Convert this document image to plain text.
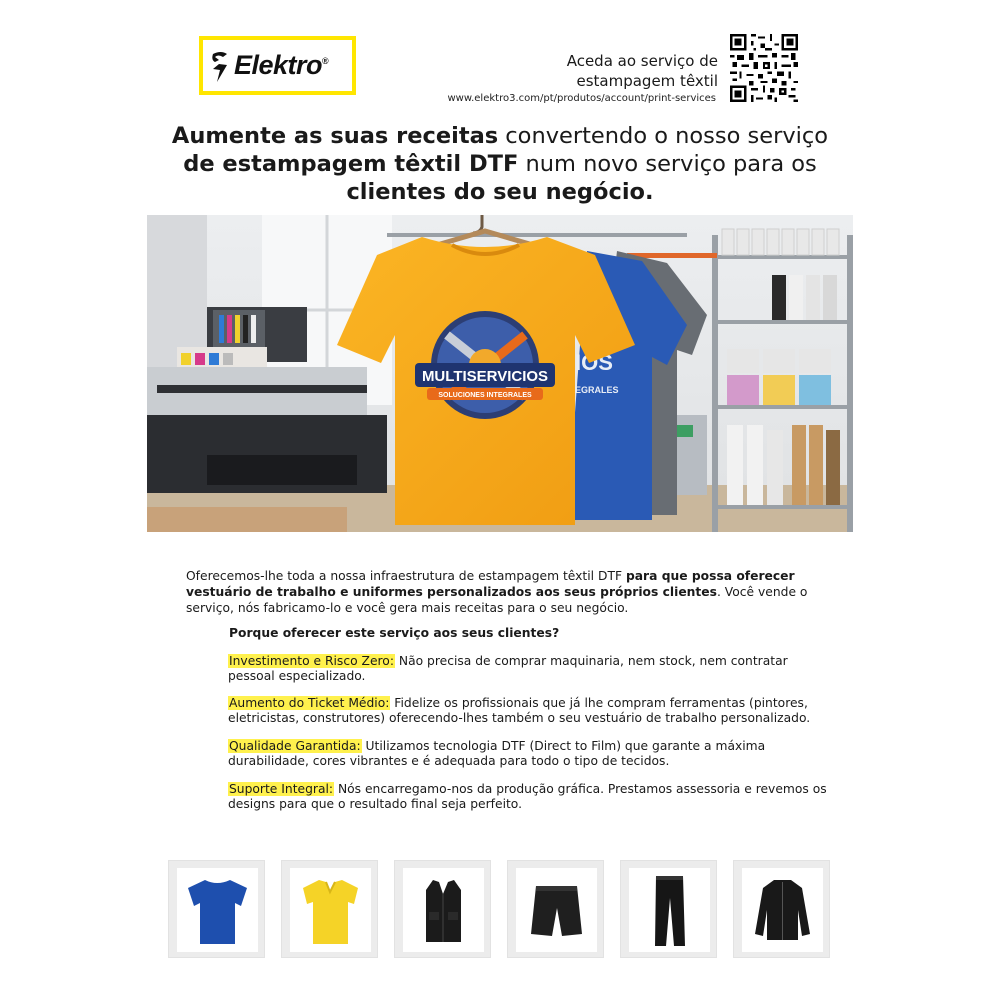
Elektro®	Aceda ao serviço de
estampagem têxtil
www.elektro3.com/pt/produtos/account/print-services
Aumente as suas receitas convertendo o nosso serviço
de estampagem têxtil DTF num novo serviço para os
clientes do seu negócio.
IOS
EGRALES
MULTISERVICIOS
SOLUCIONES INTEGRALES
Oferecemos-lhe toda a nossa infraestrutura de estampagem têxtil DTF para que possa oferecer vestuário de trabalho e uniformes personalizados aos seus próprios clientes. Você vende o serviço, nós fabricamo-lo e você gera mais receitas para o seu negócio.
Porque oferecer este serviço aos seus clientes?
Investimento e Risco Zero: Não precisa de comprar maquinaria, nem stock, nem contratar pessoal especializado.
Aumento do Ticket Médio: Fidelize os profissionais que já lhe compram ferramentas (pintores, eletricistas, construtores) oferecendo-lhes também o seu vestuário de trabalho personalizado.
Qualidade Garantida: Utilizamos tecnologia DTF (Direct to Film) que garante a máxima durabilidade, cores vibrantes e é adequada para todo o tipo de tecidos.
Suporte Integral: Nós encarregamo-nos da produção gráfica. Prestamos assessoria e revemos os designs para que o resultado final seja perfeito.
